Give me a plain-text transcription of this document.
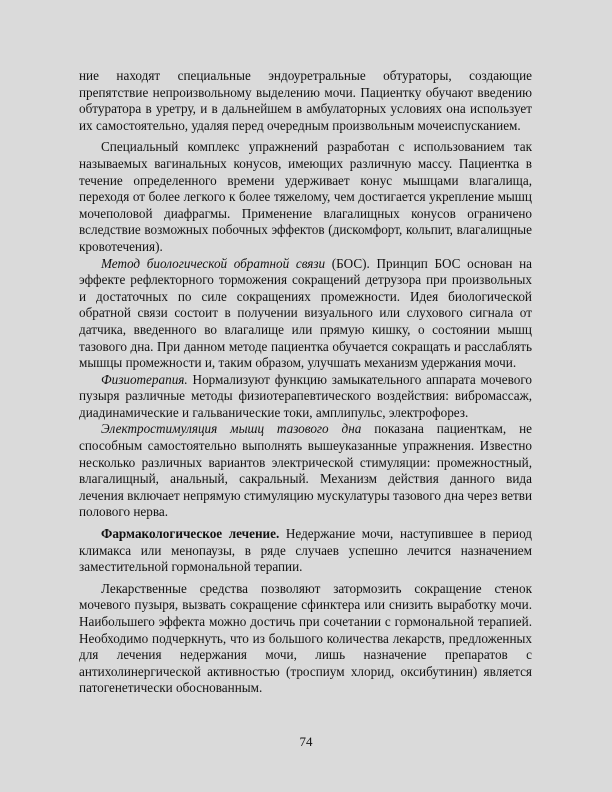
ние находят специальные эндоуретральные обтураторы, создающие препятствие непроизвольному выделению мочи. Пациентку обучают введению обтуратора в уретру, и в дальнейшем в амбулаторных условиях она использует их самостоятельно, удаляя перед очередным произвольным мочеиспусканием.

Специальный комплекс упражнений разработан с использованием так называемых вагинальных конусов, имеющих различную массу. Пациентка в течение определенного времени удерживает конус мышцами влагалища, переходя от более легкого к более тяжелому, чем достигается укрепление мышц мочеполовой диафрагмы. Применение влагалищных конусов ограничено вследствие возможных побочных эффектов (дискомфорт, кольпит, влагалищные кровотечения).

Метод биологической обратной связи (БОС). Принцип БОС основан на эффекте рефлекторного торможения сокращений детрузора при произвольных и достаточных по силе сокращениях промежности. Идея биологической обратной связи состоит в получении визуального или слухового сигнала от датчика, введенного во влагалище или прямую кишку, о состоянии мышц тазового дна. При данном методе пациентка обучается сокращать и расслаблять мышцы промежности и, таким образом, улучшать механизм удержания мочи.

Физиотерапия. Нормализуют функцию замыкательного аппарата мочевого пузыря различные методы физиотерапевтического воздействия: вибромассаж, диадинамические и гальванические токи, амплипульс, электрофорез.

Электростимуляция мышц тазового дна показана пациенткам, не способным самостоятельно выполнять вышеуказанные упражнения. Известно несколько различных вариантов электрической стимуляции: промежностный, влагалищный, анальный, сакральный. Механизм действия данного вида лечения включает непрямую стимуляцию мускулатуры тазового дна через ветви полового нерва.

Фармакологическое лечение. Недержание мочи, наступившее в период климакса или менопаузы, в ряде случаев успешно лечится назначением заместительной гормональной терапии.

Лекарственные средства позволяют затормозить сокращение стенок мочевого пузыря, вызвать сокращение сфинктера или снизить выработку мочи. Наибольшего эффекта можно достичь при сочетании с гормональной терапией. Необходимо подчеркнуть, что из большого количества лекарств, предложенных для лечения недержания мочи, лишь назначение препаратов с антихолинергической активностью (троспиум хлорид, оксибутинин) является патогенетически обоснованным.

74
